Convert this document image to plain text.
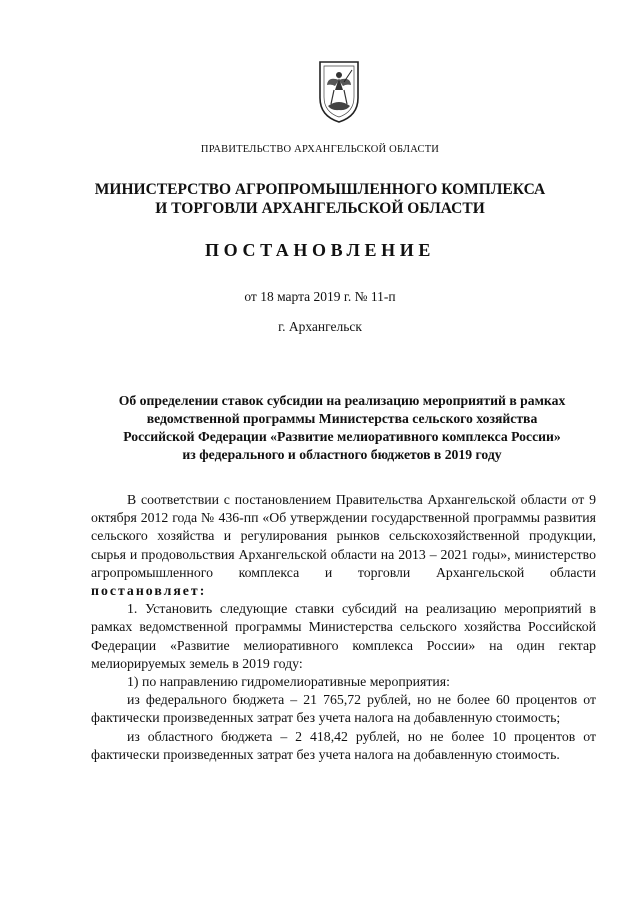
ПРАВИТЕЛЬСТВО АРХАНГЕЛЬСКОЙ ОБЛАСТИ
МИНИСТЕРСТВО АГРОПРОМЫШЛЕННОГО КОМПЛЕКСА
И ТОРГОВЛИ АРХАНГЕЛЬСКОЙ ОБЛАСТИ
ПОСТАНОВЛЕНИЕ
от 18 марта 2019 г. № 11-п
г. Архангельск
Об определении ставок субсидии на реализацию мероприятий в рамках
ведомственной программы Министерства сельского хозяйства
Российской Федерации «Развитие мелиоративного комплекса России»
из федерального и областного бюджетов в 2019 году

В соответствии с постановлением Правительства Архангельской области от 9 октября 2012 года № 436-пп «Об утверждении государственной программы развития сельского хозяйства и регулирования рынков сельскохозяйственной продукции, сырья и продовольствия Архангельской области на 2013 – 2021 годы», министерство агропромышленного комплекса и торговли Архангельской области постановляет:

1. Установить следующие ставки субсидий на реализацию мероприятий в рамках ведомственной программы Министерства сельского хозяйства Российской Федерации «Развитие мелиоративного комплекса России» на один гектар мелиорируемых земель в 2019 году:

1) по направлению гидромелиоративные мероприятия:

из федерального бюджета – 21 765,72 рублей, но не более 60 процентов от фактически произведенных затрат без учета налога на добавленную стоимость;

из областного бюджета – 2 418,42 рублей, но не более 10 процентов от фактически произведенных затрат без учета налога на добавленную стоимость.
